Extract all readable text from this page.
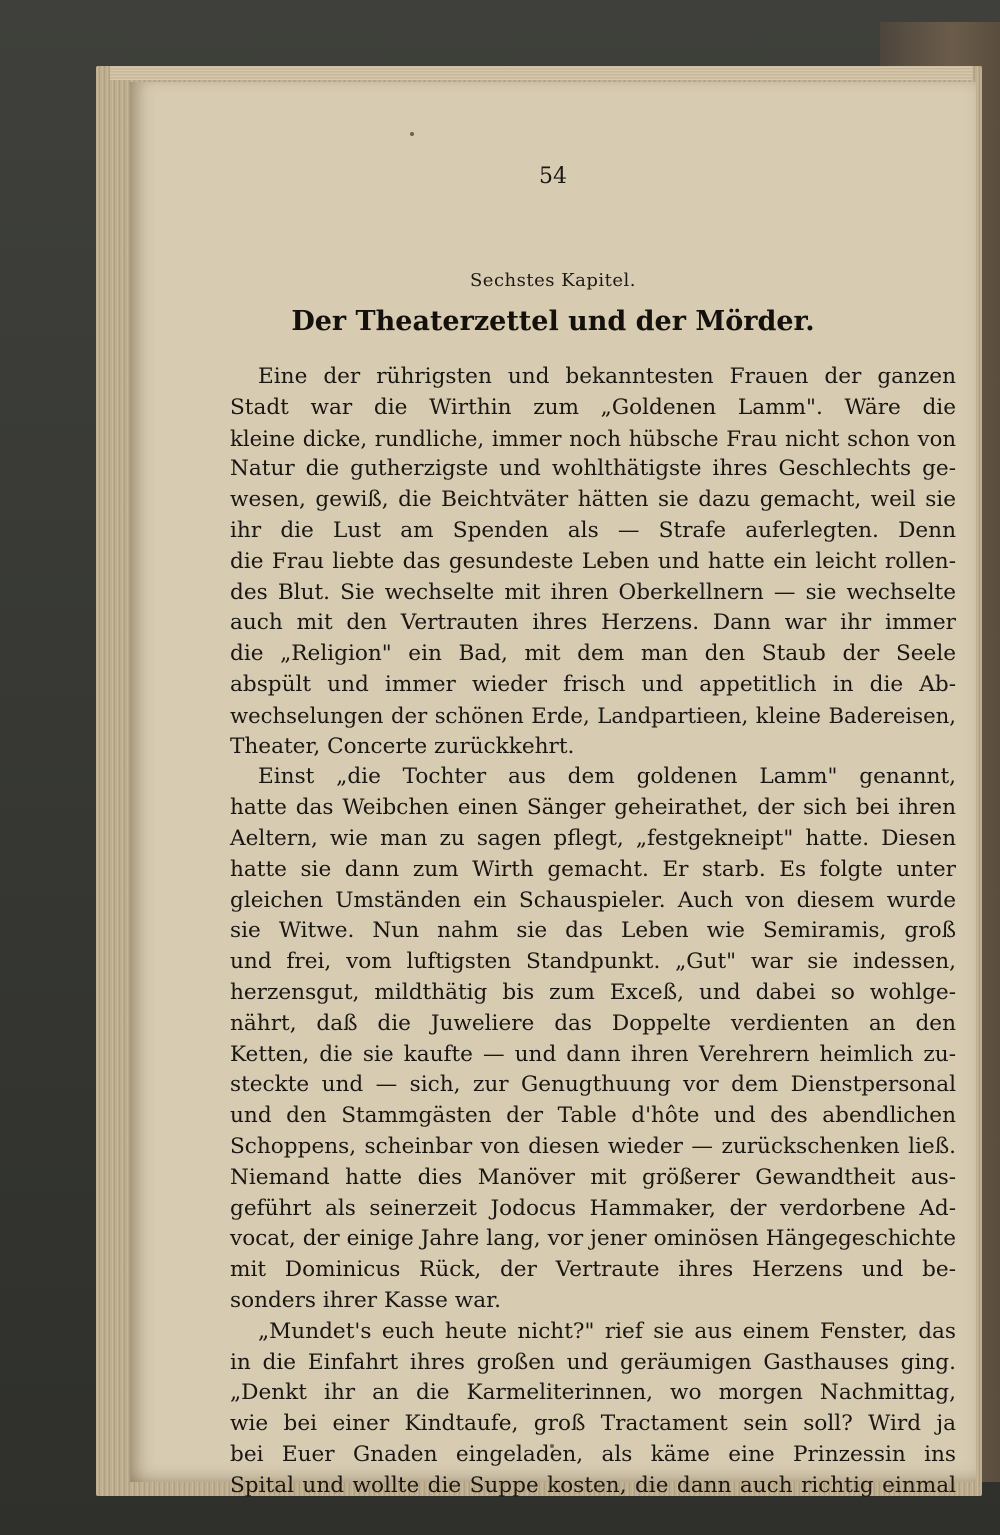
54
Sechstes Kapitel.
Der Theaterzettel und der Mörder.
Eine der rührigsten und bekanntesten Frauen der ganzen
Stadt war die Wirthin zum „Goldenen Lamm". Wäre die
kleine dicke, rundliche, immer noch hübsche Frau nicht schon von
Natur die gutherzigste und wohlthätigste ihres Geschlechts ge-
wesen, gewiß, die Beichtväter hätten sie dazu gemacht, weil sie
ihr die Lust am Spenden als — Strafe auferlegten. Denn
die Frau liebte das gesundeste Leben und hatte ein leicht rollen-
des Blut. Sie wechselte mit ihren Oberkellnern — sie wechselte
auch mit den Vertrauten ihres Herzens. Dann war ihr immer
die „Religion" ein Bad, mit dem man den Staub der Seele
abspült und immer wieder frisch und appetitlich in die Ab-
wechselungen der schönen Erde, Landpartieen, kleine Badereisen,
Theater, Concerte zurückkehrt.
Einst „die Tochter aus dem goldenen Lamm" genannt,
hatte das Weibchen einen Sänger geheirathet, der sich bei ihren
Aeltern, wie man zu sagen pflegt, „festgekneipt" hatte. Diesen
hatte sie dann zum Wirth gemacht. Er starb. Es folgte unter
gleichen Umständen ein Schauspieler. Auch von diesem wurde
sie Witwe. Nun nahm sie das Leben wie Semiramis, groß
und frei, vom luftigsten Standpunkt. „Gut" war sie indessen,
herzensgut, mildthätig bis zum Exceß, und dabei so wohlge-
nährt, daß die Juweliere das Doppelte verdienten an den
Ketten, die sie kaufte — und dann ihren Verehrern heimlich zu-
steckte und — sich, zur Genugthuung vor dem Dienstpersonal
und den Stammgästen der Table d'hôte und des abendlichen
Schoppens, scheinbar von diesen wieder — zurückschenken ließ.
Niemand hatte dies Manöver mit größerer Gewandtheit aus-
geführt als seinerzeit Jodocus Hammaker, der verdorbene Ad-
vocat, der einige Jahre lang, vor jener ominösen Hängegeschichte
mit Dominicus Rück, der Vertraute ihres Herzens und be-
sonders ihrer Kasse war.
„Mundet's euch heute nicht?" rief sie aus einem Fenster, das
in die Einfahrt ihres großen und geräumigen Gasthauses ging.
„Denkt ihr an die Karmeliterinnen, wo morgen Nachmittag,
wie bei einer Kindtaufe, groß Tractament sein soll? Wird ja
bei Euer Gnaden eingeladen, als käme eine Prinzessin ins
Spital und wollte die Suppe kosten, die dann auch richtig einmal
